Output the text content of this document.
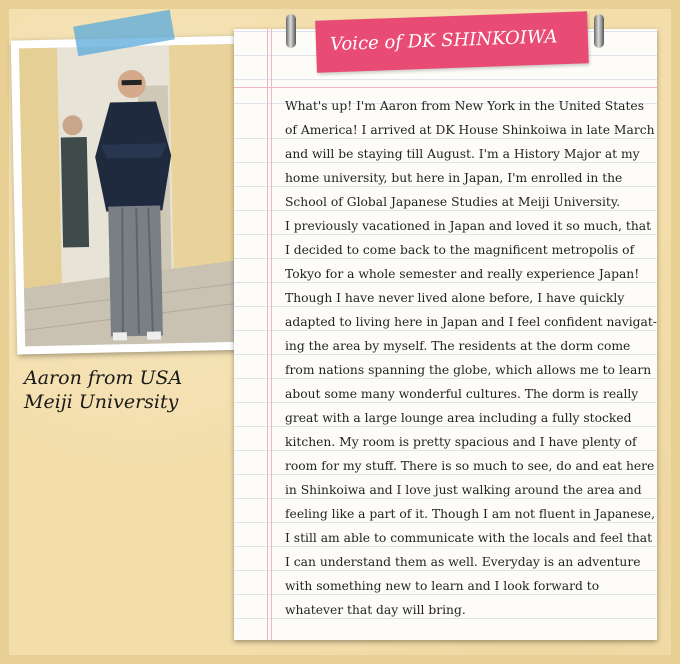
Aaron from USA
Meiji University
Voice of DK SHINKOIWA
What's up! I'm Aaron from New York in the United States
of America! I arrived at DK House Shinkoiwa in late March
and will be staying till August. I'm a History Major at my
home university, but here in Japan, I'm enrolled in the
School of Global Japanese Studies at Meiji University.
I previously vacationed in Japan and loved it so much, that
I decided to come back to the magnificent metropolis of
Tokyo for a whole semester and really experience Japan!
Though I have never lived alone before, I have quickly
adapted to living here in Japan and I feel confident navigat-
ing the area by myself. The residents at the dorm come
from nations spanning the globe, which allows me to learn
about some many wonderful cultures. The dorm is really
great with a large lounge area including a fully stocked
kitchen. My room is pretty spacious and I have plenty of
room for my stuff. There is so much to see, do and eat here
in Shinkoiwa and I love just walking around the area and
feeling like a part of it. Though I am not fluent in Japanese,
I still am able to communicate with the locals and feel that
I can understand them as well. Everyday is an adventure
with something new to learn and I look forward to
whatever that day will bring.
